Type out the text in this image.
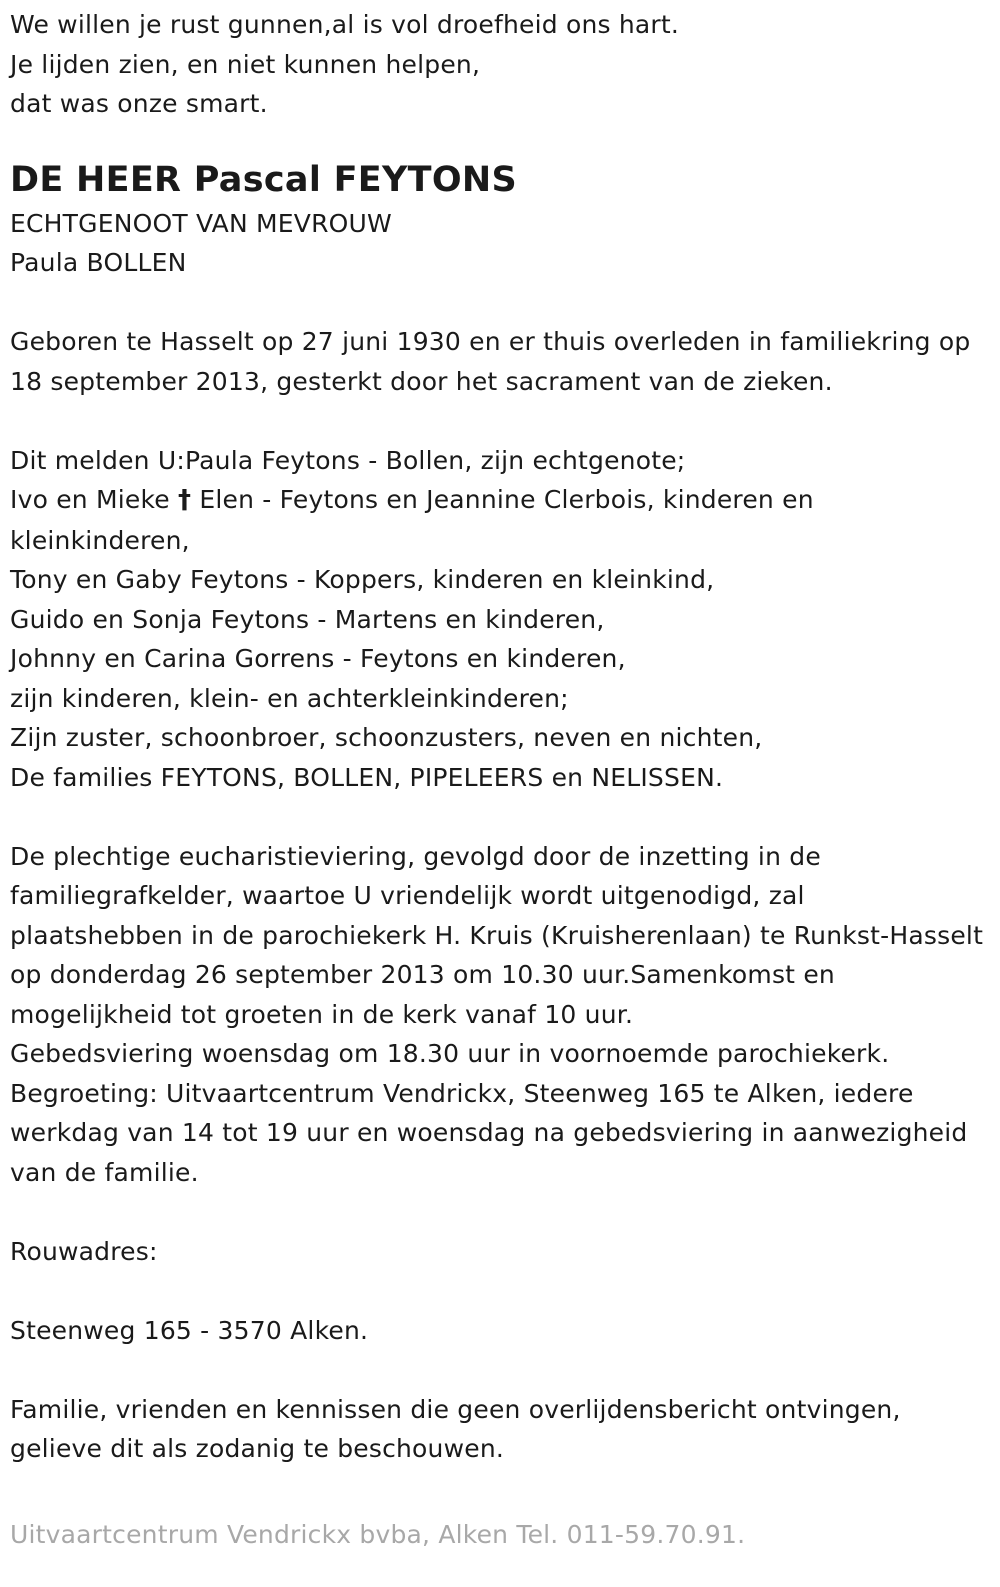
We willen je rust gunnen,al is vol droefheid ons hart.
Je lijden zien, en niet kunnen helpen,
dat was onze smart.
DE HEER Pascal FEYTONS
ECHTGENOOT VAN MEVROUW
Paula BOLLEN
Geboren te Hasselt op 27 juni 1930 en er thuis overleden in familiekring op 18 september 2013, gesterkt door het sacrament van de zieken.
Dit melden U:Paula Feytons - Bollen, zijn echtgenote;
Ivo en Mieke † Elen - Feytons en Jeannine Clerbois, kinderen en kleinkinderen,
Tony en Gaby Feytons - Koppers, kinderen en kleinkind,
Guido en Sonja Feytons - Martens en kinderen,
Johnny en Carina Gorrens - Feytons en kinderen,
zijn kinderen, klein- en achterkleinkinderen;
Zijn zuster, schoonbroer, schoonzusters, neven en nichten,
De families FEYTONS, BOLLEN, PIPELEERS en NELISSEN.
De plechtige eucharistieviering, gevolgd door de inzetting in de familiegrafkelder, waartoe U vriendelijk wordt uitgenodigd, zal plaatshebben in de parochiekerk H. Kruis (Kruisherenlaan) te Runkst-Hasselt op donderdag 26 september 2013 om 10.30 uur.Samenkomst en mogelijkheid tot groeten in de kerk vanaf 10 uur.
Gebedsviering woensdag om 18.30 uur in voornoemde parochiekerk.
Begroeting: Uitvaartcentrum Vendrickx, Steenweg 165 te Alken, iedere werkdag van 14 tot 19 uur en woensdag na gebedsviering in aanwezigheid van de familie.
Rouwadres:
Steenweg 165 - 3570 Alken.
Familie, vrienden en kennissen die geen overlijdensbericht ontvingen, gelieve dit als zodanig te beschouwen.
Uitvaartcentrum Vendrickx bvba, Alken Tel. 011-59.70.91.
